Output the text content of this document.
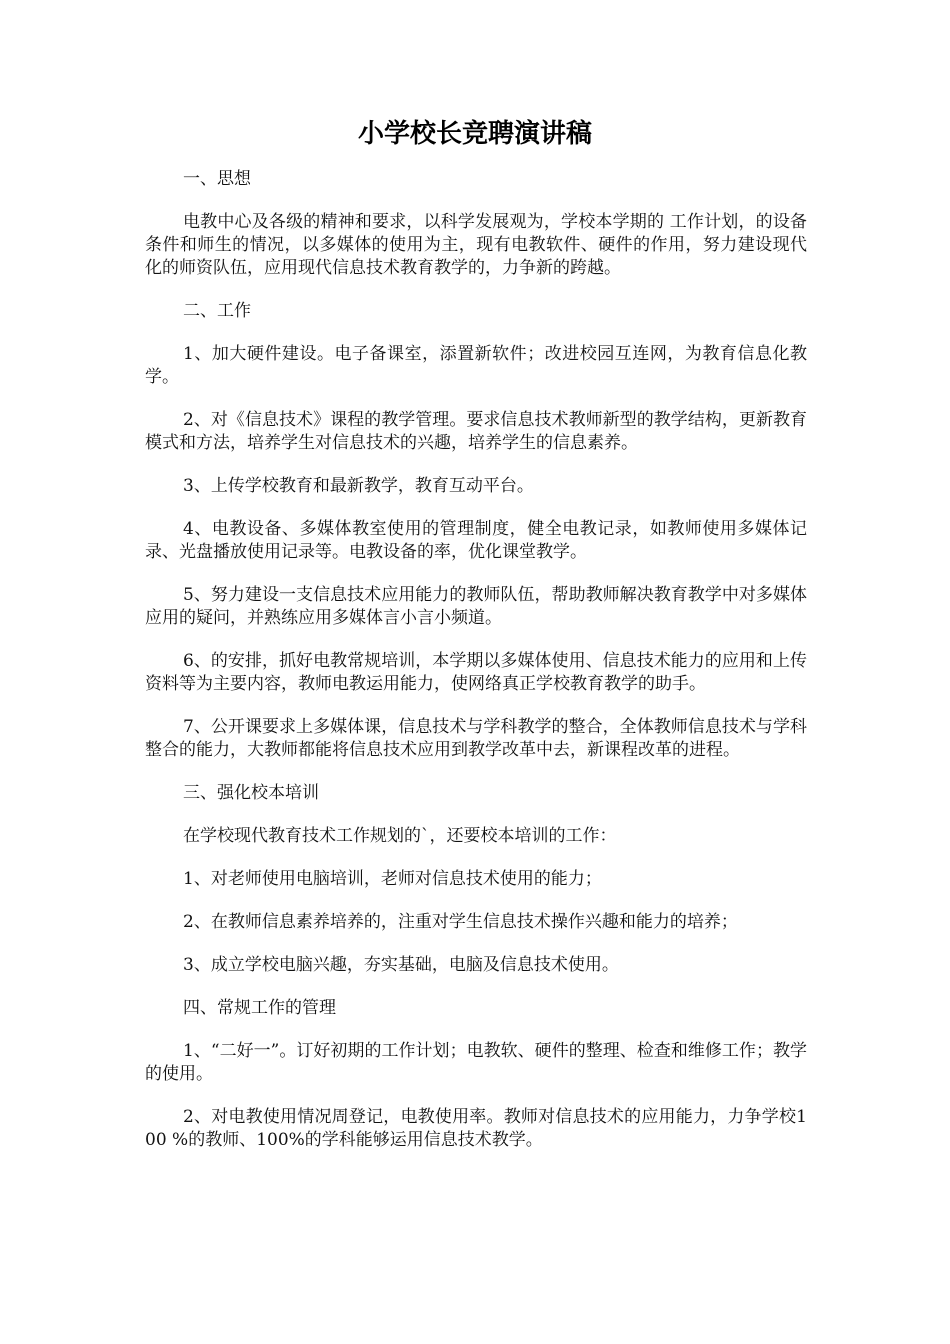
小学校长竞聘演讲稿

一、思想

电教中心及各级的精神和要求，以科学发展观为，学校本学期的 工作计划，的设备条件和师生的情况，以多媒体的使用为主，现有电教软件、硬件的作用，努力建设现代化的师资队伍，应用现代信息技术教育教学的，力争新的跨越。

二、工作

1、加大硬件建设。电子备课室，添置新软件；改进校园互连网，为教育信息化教学。

2、对《信息技术》课程的教学管理。要求信息技术教师新型的教学结构，更新教育模式和方法，培养学生对信息技术的兴趣，培养学生的信息素养。

3、上传学校教育和最新教学，教育互动平台。

4、电教设备、多媒体教室使用的管理制度，健全电教记录，如教师使用多媒体记录、光盘播放使用记录等。电教设备的率，优化课堂教学。

5、努力建设一支信息技术应用能力的教师队伍，帮助教师解决教育教学中对多媒体应用的疑问，并熟练应用多媒体言小言小频道。

6、的安排，抓好电教常规培训，本学期以多媒体使用、信息技术能力的应用和上传资料等为主要内容，教师电教运用能力，使网络真正学校教育教学的助手。

7、公开课要求上多媒体课，信息技术与学科教学的整合，全体教师信息技术与学科整合的能力，大教师都能将信息技术应用到教学改革中去，新课程改革的进程。

三、强化校本培训

在学校现代教育技术工作规划的`，还要校本培训的工作：

1、对老师使用电脑培训，老师对信息技术使用的能力；

2、在教师信息素养培养的，注重对学生信息技术操作兴趣和能力的培养；

3、成立学校电脑兴趣，夯实基础，电脑及信息技术使用。

四、常规工作的管理

1、“二好一”。订好初期的工作计划；电教软、硬件的整理、检查和维修工作；教学的使用。

2、对电教使用情况周登记，电教使用率。教师对信息技术的应用能力，力争学校100 %的教师、100%的学科能够运用信息技术教学。
